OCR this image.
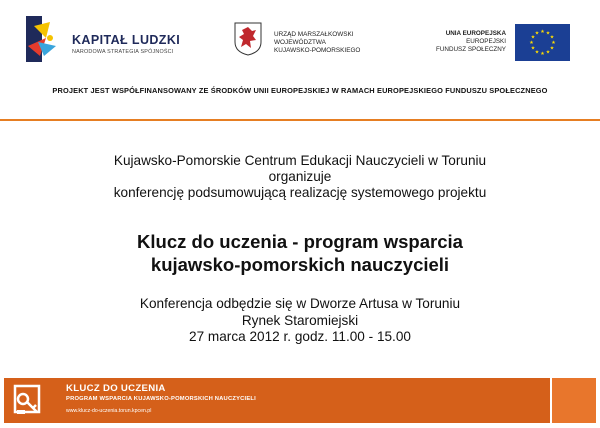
KAPITAŁ LUDZKI
NARODOWA STRATEGIA SPÓJNOŚCI
URZĄD MARSZAŁKOWSKI
WOJEWÓDZTWA
KUJAWSKO-POMORSKIEGO
UNIA EUROPEJSKA
EUROPEJSKI
FUNDUSZ SPOŁECZNY
★
★
★
★
★
★
★
★
★ ★ ★
★
PROJEKT JEST WSPÓŁFINANSOWANY ZE ŚRODKÓW UNII EUROPEJSKIEJ W RAMACH EUROPEJSKIEGO FUNDUSZU SPOŁECZNEGO
Kujawsko-Pomorskie Centrum Edukacji Nauczycieli w Toruniu
organizuje
konferencję podsumowującą realizację systemowego projektu
Klucz do uczenia - program wsparcia
kujawsko-pomorskich nauczycieli
Konferencja odbędzie się w Dworze Artusa w Toruniu
Rynek Staromiejski
27 marca 2012 r. godz. 11.00 - 15.00
KLUCZ DO UCZENIA
PROGRAM WSPARCIA KUJAWSKO-POMORSKICH NAUCZYCIELI
www.klucz-do-uczenia.torun.kpcen.pl
